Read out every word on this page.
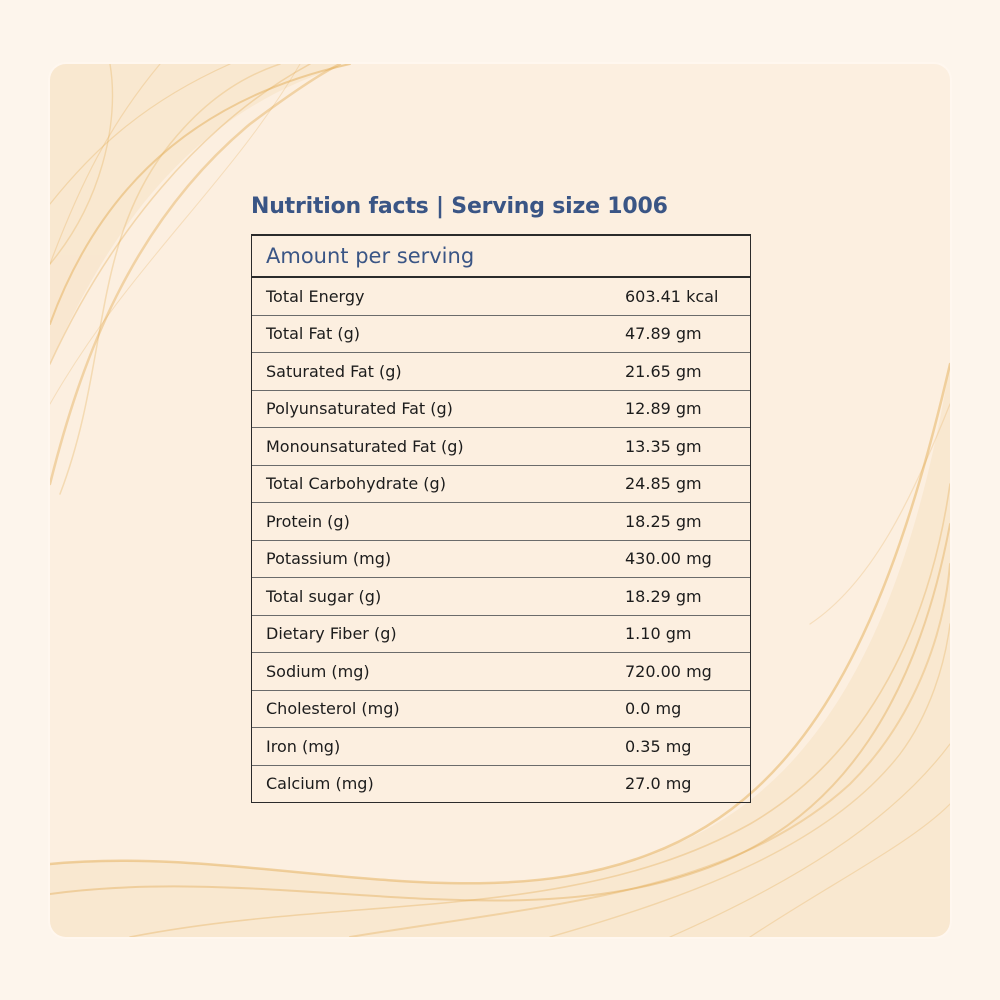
Nutrition facts | Serving size 1006
Amount per serving
Total Energy	603.41 kcal
Total Fat (g)	47.89 gm
Saturated Fat (g)	21.65 gm
Polyunsaturated Fat (g)	12.89 gm
Monounsaturated Fat (g)	13.35 gm
Total Carbohydrate (g)	24.85 gm
Protein (g)	18.25 gm
Potassium (mg)	430.00 mg
Total sugar (g)	18.29 gm
Dietary Fiber (g)	1.10 gm
Sodium (mg)	720.00 mg
Cholesterol (mg)	0.0 mg
Iron (mg)	0.35 mg
Calcium (mg)	27.0 mg
